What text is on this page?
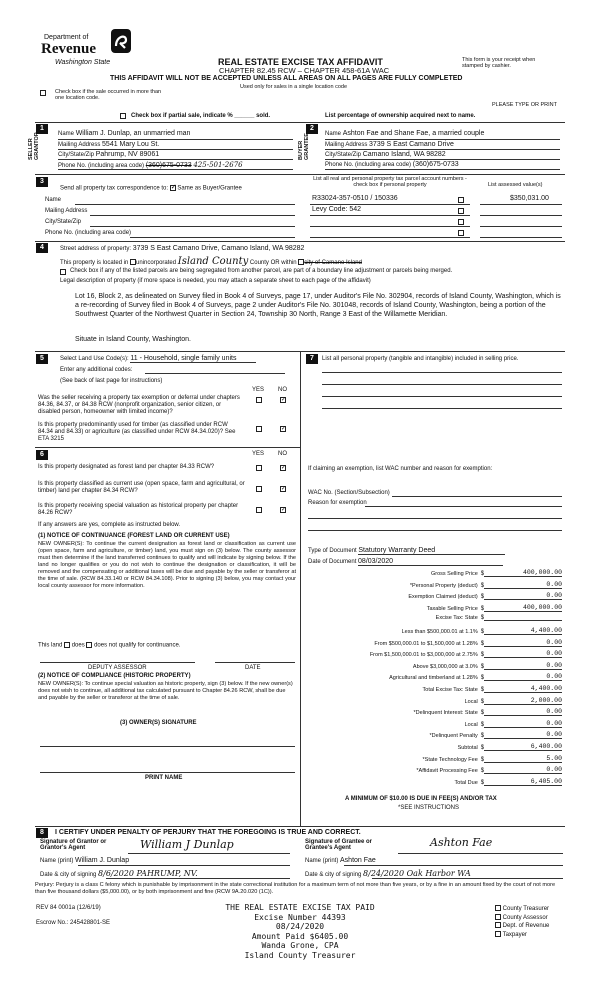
Department of
Revenue
Washington State	REAL ESTATE EXCISE TAX AFFIDAVIT
CHAPTER 82.45 RCW – CHAPTER 458-61A WAC
THIS AFFIDAVIT WILL NOT BE ACCEPTED UNLESS ALL AREAS ON ALL PAGES ARE FULLY COMPLETED
Used only for sales in a single location code
This form is your receipt when stamped by cashier.
Check box if the sale occurred in more than one location code.
PLEASE TYPE OR PRINT
Check box if partial sale, indicate % ______ sold.	List percentage of ownership acquired next to name.
1	2
SELLER GRANTOR	BUYER GRANTEE
Name William J. Dunlap, an unmarried man
Mailing Address 5541 Mary Lou St.
City/State/Zip Pahrump, NV 89061
Phone No. (including area code) (360)675-0733 425-501-2676
Name Ashton Fae and Shane Fae, a married couple
Mailing Address 3739 S East Camano Drive
City/State/Zip Camano Island, WA 98282
Phone No. (including area code) (360)675-0733
3
Send all property tax correspondence to: ✓ Same as Buyer/Grantee
Name
Mailing Address
City/State/Zip
Phone No. (including area code)
List all real and personal property tax parcel account numbers - check box if personal property	List assessed value(s)
R33024-357-0510 / 150336	$350,031.00
Levy Code: 542
4	Street address of property: 3739 S East Camano Drive, Camano Island, WA 98282
This property is located in unincorporated Island County County OR within city of Camano Island
Check box if any of the listed parcels are being segregated from another parcel, are part of a boundary line adjustment or parcels being merged.
Legal description of property (if more space is needed, you may attach a separate sheet to each page of the affidavit)
Lot 16, Block 2, as delineated on Survey filed in Book 4 of Surveys, page 17, under Auditor's File No. 302904, records of Island County, Washington, which is a re-recording of Survey filed in Book 4 of Surveys, page 2 under Auditor's File No. 301048, records of Island County, Washington, being a portion of the Southwest Quarter of the Northwest Quarter in Section 24, Township 30 North, Range 3 East of the Willamette Meridian.
Situate in Island County, Washington.
5	Select Land Use Code(s): 11 - Household, single family units
Enter any additional codes:
(See back of last page for instructions)
YES NO
Was the seller receiving a property tax exemption or deferral under chapters 84.36, 84.37, or 84.38 RCW (nonprofit organization, senior citizen, or disabled person, homeowner with limited income)?
✓
Is this property predominantly used for timber (as classified under RCW 84.34 and 84.33) or agriculture (as classified under RCW 84.34.020)? See ETA 3215
✓
7	List all personal property (tangible and intangible) included in selling price.
6	YES NO
Is this property designated as forest land per chapter 84.33 RCW?	✓
Is this property classified as current use (open space, farm and agricultural, or timber) land per chapter 84.34 RCW?	✓
Is this property receiving special valuation as historical property per chapter 84.26 RCW?	✓
If any answers are yes, complete as instructed below.
(1) NOTICE OF CONTINUANCE (FOREST LAND OR CURRENT USE)
NEW OWNER(S): To continue the current designation as forest land or classification as current use (open space, farm and agriculture, or timber) land, you must sign on (3) below. The county assessor must then determine if the land transferred continues to qualify and will indicate by signing below. If the land no longer qualifies or you do not wish to continue the designation or classification, it will be removed and the compensating or additional taxes will be due and payable by the seller or transferor at the time of sale. (RCW 84.33.140 or RCW 84.34.108). Prior to signing (3) below, you may contact your local county assessor for more information.
This land does does not qualify for continuance.
DEPUTY ASSESSOR	DATE
(2) NOTICE OF COMPLIANCE (HISTORIC PROPERTY)
NEW OWNER(S): To continue special valuation as historic property, sign (3) below. If the new owner(s) does not wish to continue, all additional tax calculated pursuant to Chapter 84.26 RCW, shall be due and payable by the seller or transferor at the time of sale.
(3) OWNER(S) SIGNATURE
PRINT NAME
If claiming an exemption, list WAC number and reason for exemption:
WAC No. (Section/Subsection)
Reason for exemption
Type of Document Statutory Warranty Deed
Date of Document 08/03/2020
Gross Selling Price $	400,000.00
*Personal Property (deduct) $	0.00
Exemption Claimed (deduct) $	0.00
Taxable Selling Price $	400,000.00
Excise Tax: State $
Less than $500,000.01 at 1.1% $	4,400.00
From $500,000.01 to $1,500,000 at 1.28% $	0.00
From $1,500,000.01 to $3,000,000 at 2.75% $	0.00
Above $3,000,000 at 3.0% $	0.00
Agricultural and timberland at 1.28% $	0.00
Total Excise Tax: State $	4,400.00
Local $	2,000.00
*Delinquent Interest: State $	0.00
Local $	0.00
*Delinquent Penalty $	0.00
Subtotal $	6,400.00
*State Technology Fee $	5.00
*Affidavit Processing Fee $	0.00
Total Due $	6,405.00
A MINIMUM OF $10.00 IS DUE IN FEE(S) AND/OR TAX
*SEE INSTRUCTIONS
8	I CERTIFY UNDER PENALTY OF PERJURY THAT THE FOREGOING IS TRUE AND CORRECT.
Signature of Grantor or Grantor's Agent	William J Dunlap	Signature of Grantee or Grantee's Agent	Ashton Fae
Name (print) William J. Dunlap	Name (print) Ashton Fae
Date & city of signing 8/6/2020 PAHRUMP, NV.	Date & city of signing 8/24/2020 Oak Harbor WA
Perjury: Perjury is a class C felony which is punishable by imprisonment in the state correctional institution for a maximum term of not more than five years, or by a fine in an amount fixed by the court of not more than five thousand dollars ($5,000.00), or by both imprisonment and fine (RCW 9A.20.020 (1C)).
REV 84 0001a (12/6/19)
Escrow No.: 245428801-SE
THE REAL ESTATE EXCISE TAX PAID
Excise Number 44393
08/24/2020
Amount Paid $6405.00
Wanda Grone, CPA
Island County Treasurer
County Treasurer
County Assessor
Dept. of Revenue
Taxpayer
